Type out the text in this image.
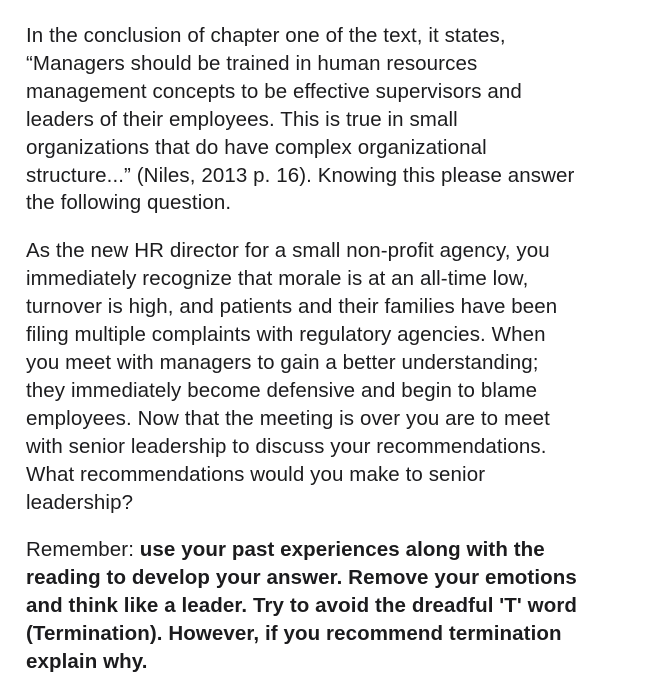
In the conclusion of chapter one of the text, it states,
“Managers should be trained in human resources
management concepts to be effective supervisors and
leaders of their employees. This is true in small
organizations that do have complex organizational
structure...” (Niles, 2013 p. 16). Knowing this please answer
the following question.

As the new HR director for a small non-profit agency, you
immediately recognize that morale is at an all-time low,
turnover is high, and patients and their families have been
filing multiple complaints with regulatory agencies. When
you meet with managers to gain a better understanding;
they immediately become defensive and begin to blame
employees. Now that the meeting is over you are to meet
with senior leadership to discuss your recommendations.
What recommendations would you make to senior
leadership?

Remember: use your past experiences along with the
reading to develop your answer. Remove your emotions
and think like a leader. Try to avoid the dreadful 'T' word
(Termination). However, if you recommend termination
explain why.
